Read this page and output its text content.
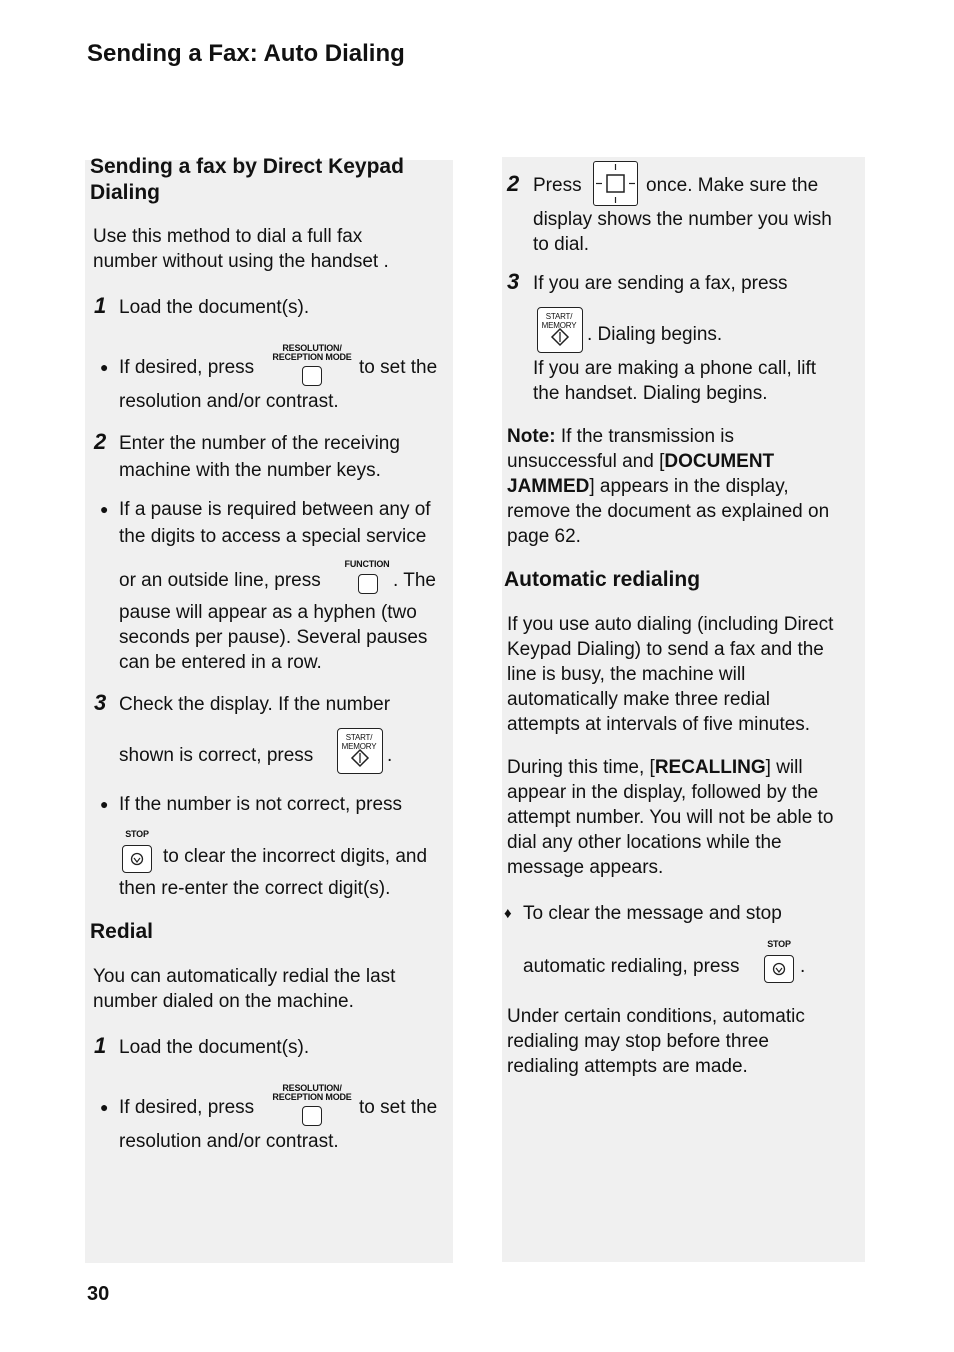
Sending a Fax: Auto Dialing
Sending a fax by Direct Keypad
Dialing
Use this method to dial a full fax
number without using the handset .
1 Load the document(s).
● If desired, press
RESOLUTION/
RECEPTION MODE to set the
resolution and/or contrast.
2 Enter the number of the receiving
machine with the number keys.
● If a pause is required between any of
the digits to access a special service
or an outside line, press
FUNCTION
. The
pause will appear as a hyphen (two
seconds per pause). Several pauses
can be entered in a row.
3 Check the display. If the number
shown is correct, press
START/
MEMORY .
● If the number is not correct, press
STOP
to clear the incorrect digits, and
then re-enter the correct digit(s).
Redial
You can automatically redial the last
number dialed on the machine.
1 Load the document(s).
● If desired, press
RESOLUTION/
RECEPTION MODE to set the
resolution and/or contrast.
2 Press	once. Make sure the
display shows the number you wish
to dial.
3 If you are sending a fax, press
START/
MEMORY . Dialing begins.
If you are making a phone call, lift
the handset. Dialing begins.
Note: If the transmission is
unsuccessful and [DOCUMENT
JAMMED] appears in the display,
remove the document as explained on
page 62.
Automatic redialing
If you use auto dialing (including Direct
Keypad Dialing) to send a fax and the
line is busy, the machine will
automatically make three redial
attempts at intervals of five minutes.
During this time, [RECALLING] will
appear in the display, followed by the
attempt number. You will not be able to
dial any other locations while the
message appears.
♦ To clear the message and stop
automatic redialing, press
STOP
.
Under certain conditions, automatic
redialing may stop before three
redialing attempts are made.
30
